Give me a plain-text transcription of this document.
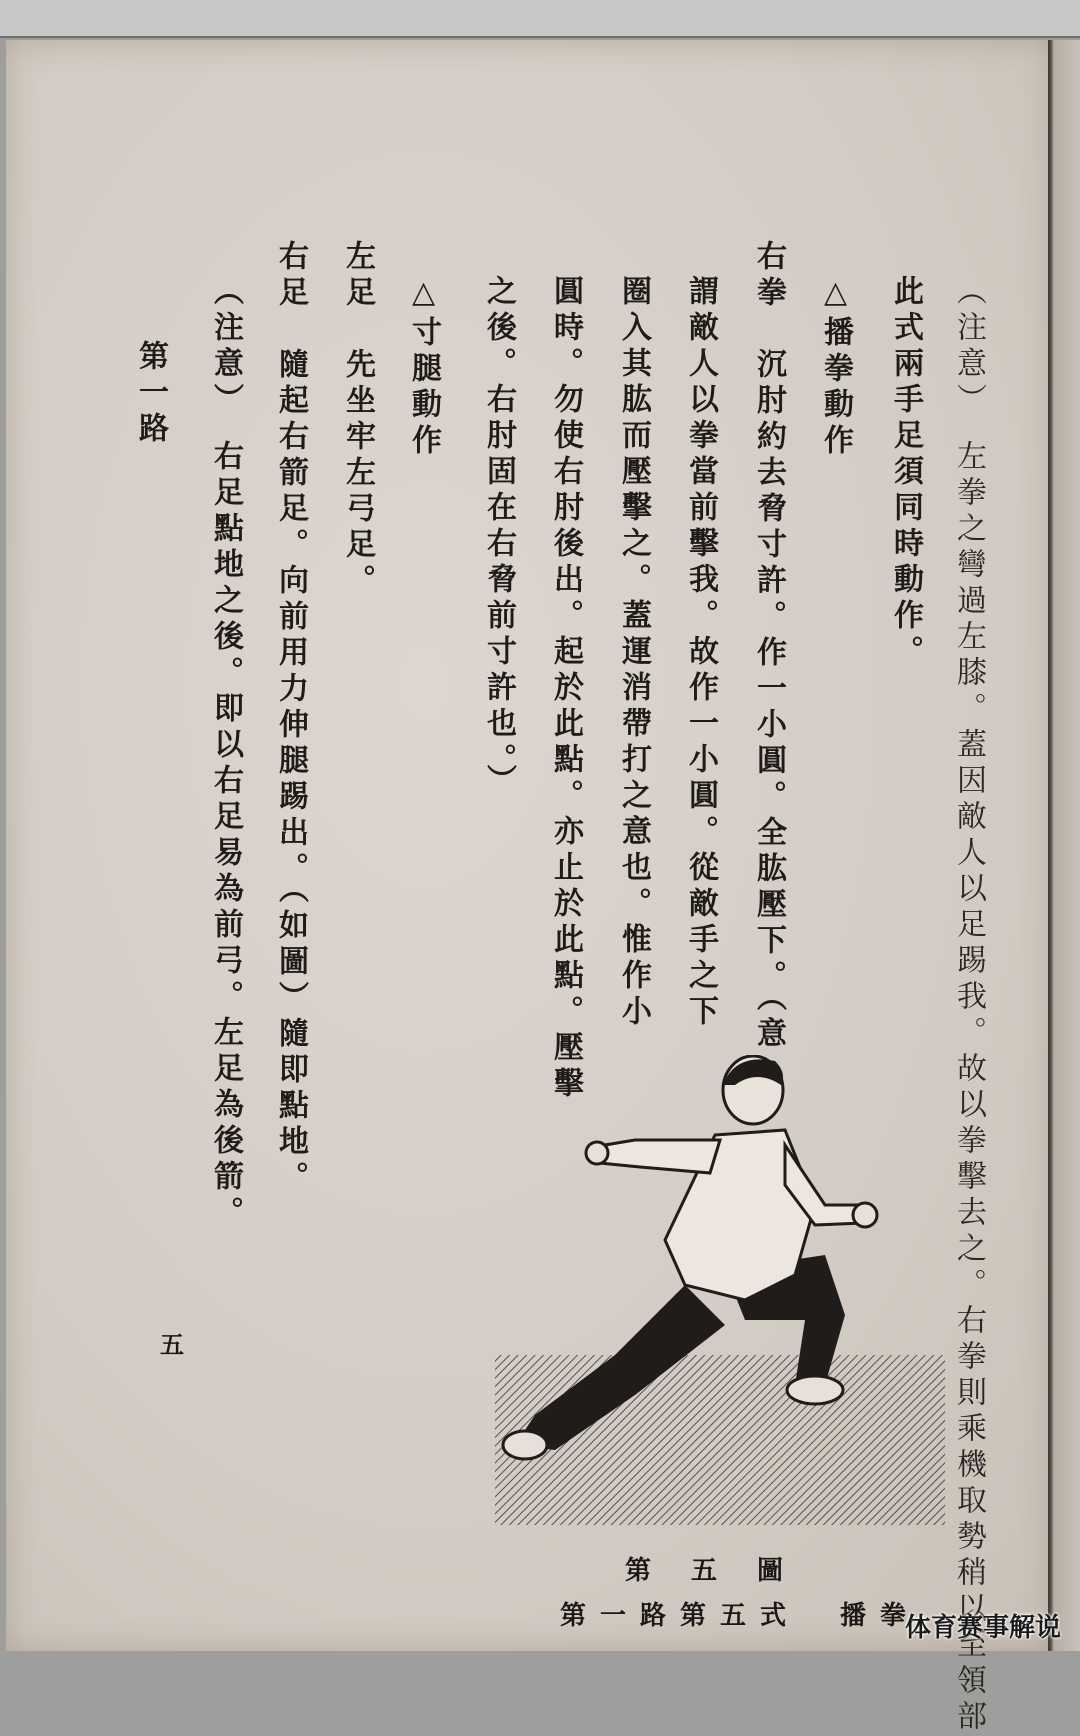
（注意）　左拳之彎過左膝。蓋因敵人以足踢我。故以拳擊去之。右拳則乘機取勢稍以至領部
此式兩手足須同時動作。
△播拳動作
右拳　沉肘約去脅寸許。作一小圓。全肱壓下。（意
謂敵人以拳當前擊我。故作一小圓。從敵手之下
圈入其肱而壓擊之。蓋運消帶打之意也。惟作小
圓時。勿使右肘後出。起於此點。亦止於此點。壓擊
之後。右肘固在右脅前寸許也。）
△寸腿動作
左足　先坐牢左弓足。
右足　隨起右箭足。向前用力伸腿踢出。（如圖）隨即點地。
（注意）　右足點地之後。即以右足易為前弓。左足為後箭。
第一路
第五圖
第一路第五式　播拳
五
体育赛事解说
